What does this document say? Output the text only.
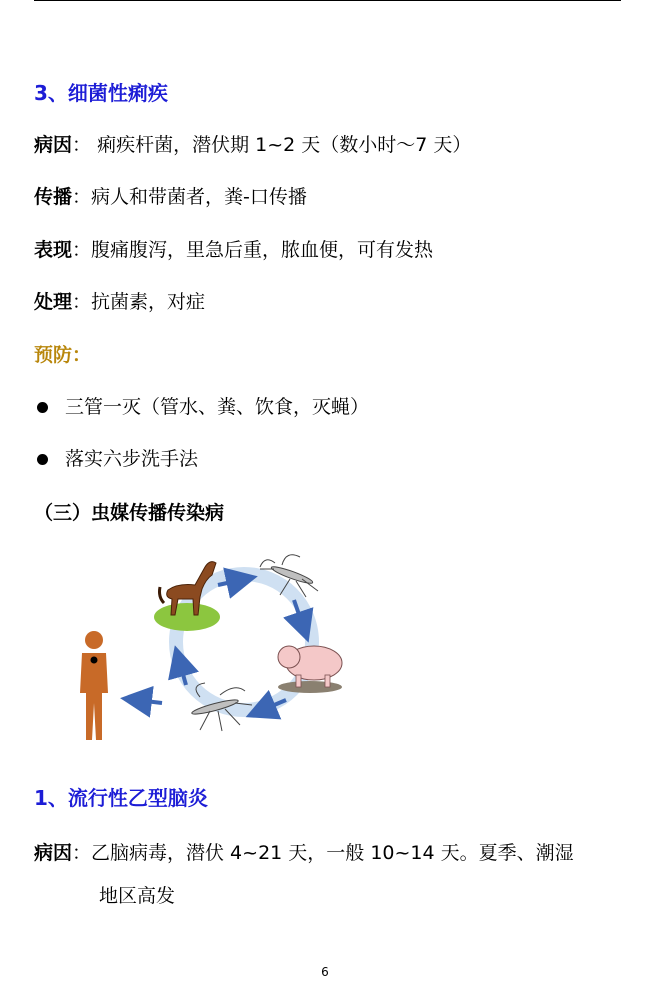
3、细菌性痢疾
病因： 痢疾杆菌，潜伏期 1~2 天（数小时～7 天）
传播：病人和带菌者，粪-口传播
表现：腹痛腹泻，里急后重，脓血便，可有发热
处理：抗菌素，对症
预防：
三管一灭（管水、粪、饮食，灭蝇）
落实六步洗手法
（三）虫媒传播传染病
1、流行性乙型脑炎
病因：乙脑病毒，潜伏 4~21 天，一般 10~14 天。夏季、潮湿
地区高发
6
